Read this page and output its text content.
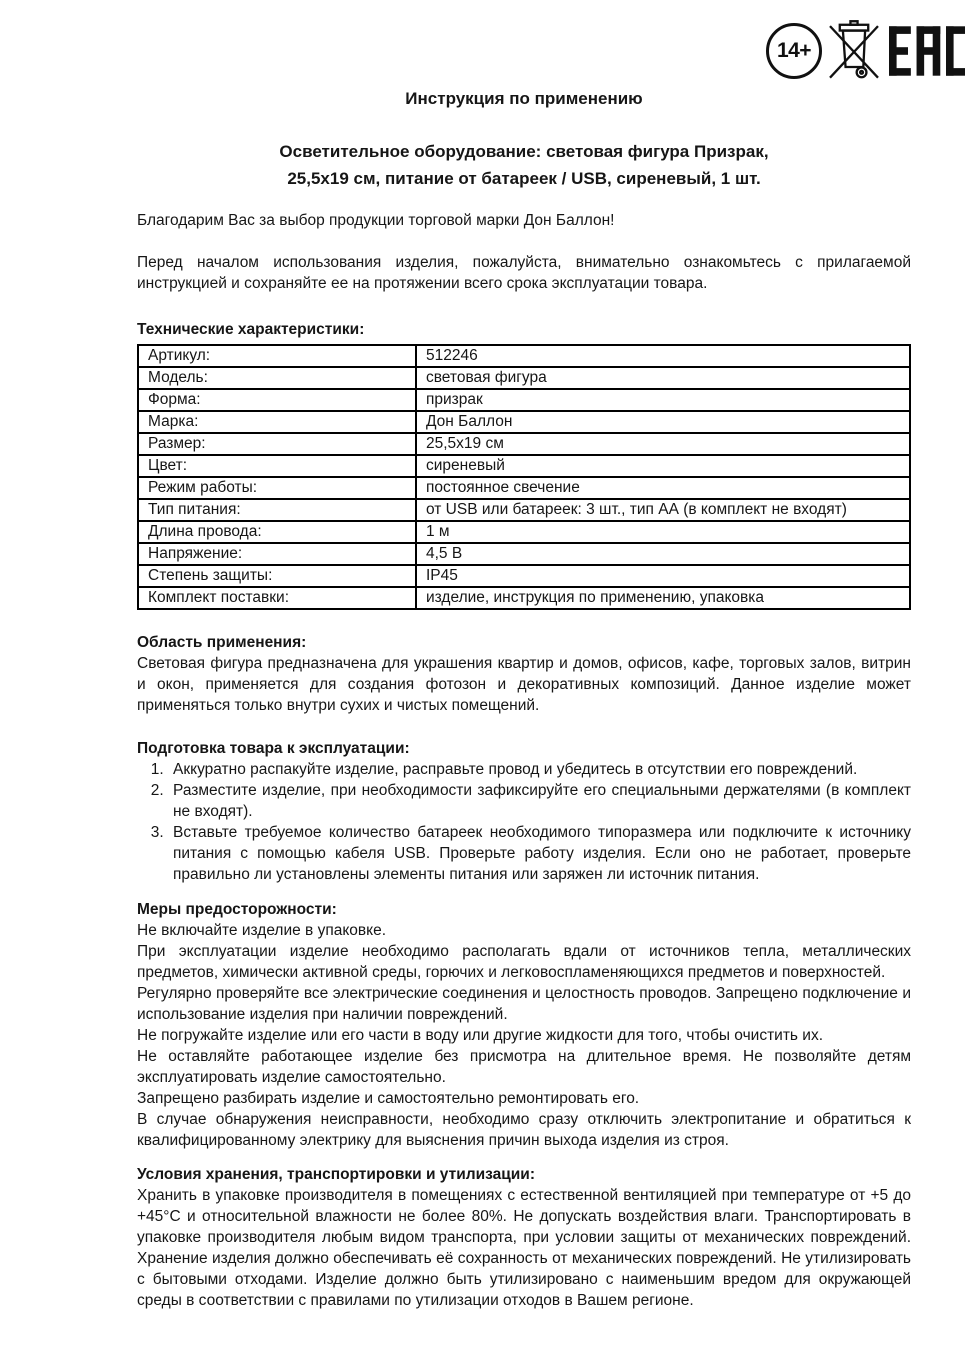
14+
Инструкция по применению
Осветительное оборудование: световая фигура Призрак,
25,5х19 см, питание от батареек / USB, сиреневый, 1 шт.

Благодарим Вас за выбор продукции торговой марки Дон Баллон!

Перед началом использования изделия, пожалуйста, внимательно ознакомьтесь с прилагаемой инструкцией и сохраняйте ее на протяжении всего срока эксплуатации товара.

Технические характеристики:
Артикул:	512246
Модель:	световая фигура
Форма:	призрак
Марка:	Дон Баллон
Размер:	25,5х19 см
Цвет:	сиреневый
Режим работы:	постоянное свечение
Тип питания:	от USB или батареек: 3 шт., тип АА (в комплект не входят)
Длина провода:	1 м
Напряжение:	4,5 В
Степень защиты:	IP45
Комплект поставки:	изделие, инструкция по применению, упаковка
Область применения:

Световая фигура предназначена для украшения квартир и домов, офисов, кафе, торговых залов, витрин и окон, применяется для создания фотозон и декоративных композиций. Данное изделие может применяться только внутри сухих и чистых помещений.

Подготовка товара к эксплуатации:
1. Аккуратно распакуйте изделие, расправьте провод и убедитесь в отсутствии его повреждений.
2. Разместите изделие, при необходимости зафиксируйте его специальными держателями (в комплект не входят).
3. Вставьте требуемое количество батареек необходимого типоразмера или подключите к источнику питания с помощью кабеля USB. Проверьте работу изделия. Если оно не работает, проверьте правильно ли установлены элементы питания или заряжен ли источник питания.
Меры предосторожности:

Не включайте изделие в упаковке.

При эксплуатации изделие необходимо располагать вдали от источников тепла, металлических предметов, химически активной среды, горючих и легковоспламеняющихся предметов и поверхностей.

Регулярно проверяйте все электрические соединения и целостность проводов. Запрещено подключение и использование изделия при наличии повреждений.

Не погружайте изделие или его части в воду или другие жидкости для того, чтобы очистить их.

Не оставляйте работающее изделие без присмотра на длительное время. Не позволяйте детям эксплуатировать изделие самостоятельно.

Запрещено разбирать изделие и самостоятельно ремонтировать его.

В случае обнаружения неисправности, необходимо сразу отключить электропитание и обратиться к квалифицированному электрику для выяснения причин выхода изделия из строя.

Условия хранения, транспортировки и утилизации:

Хранить в упаковке производителя в помещениях с естественной вентиляцией при температуре от +5 до +45°С и относительной влажности не более 80%. Не допускать воздействия влаги. Транспортировать в упаковке производителя любым видом транспорта, при условии защиты от механических повреждений. Хранение изделия должно обеспечивать её сохранность от механических повреждений. Не утилизировать с бытовыми отходами. Изделие должно быть утилизировано с наименьшим вредом для окружающей среды в соответствии с правилами по утилизации отходов в Вашем регионе.
